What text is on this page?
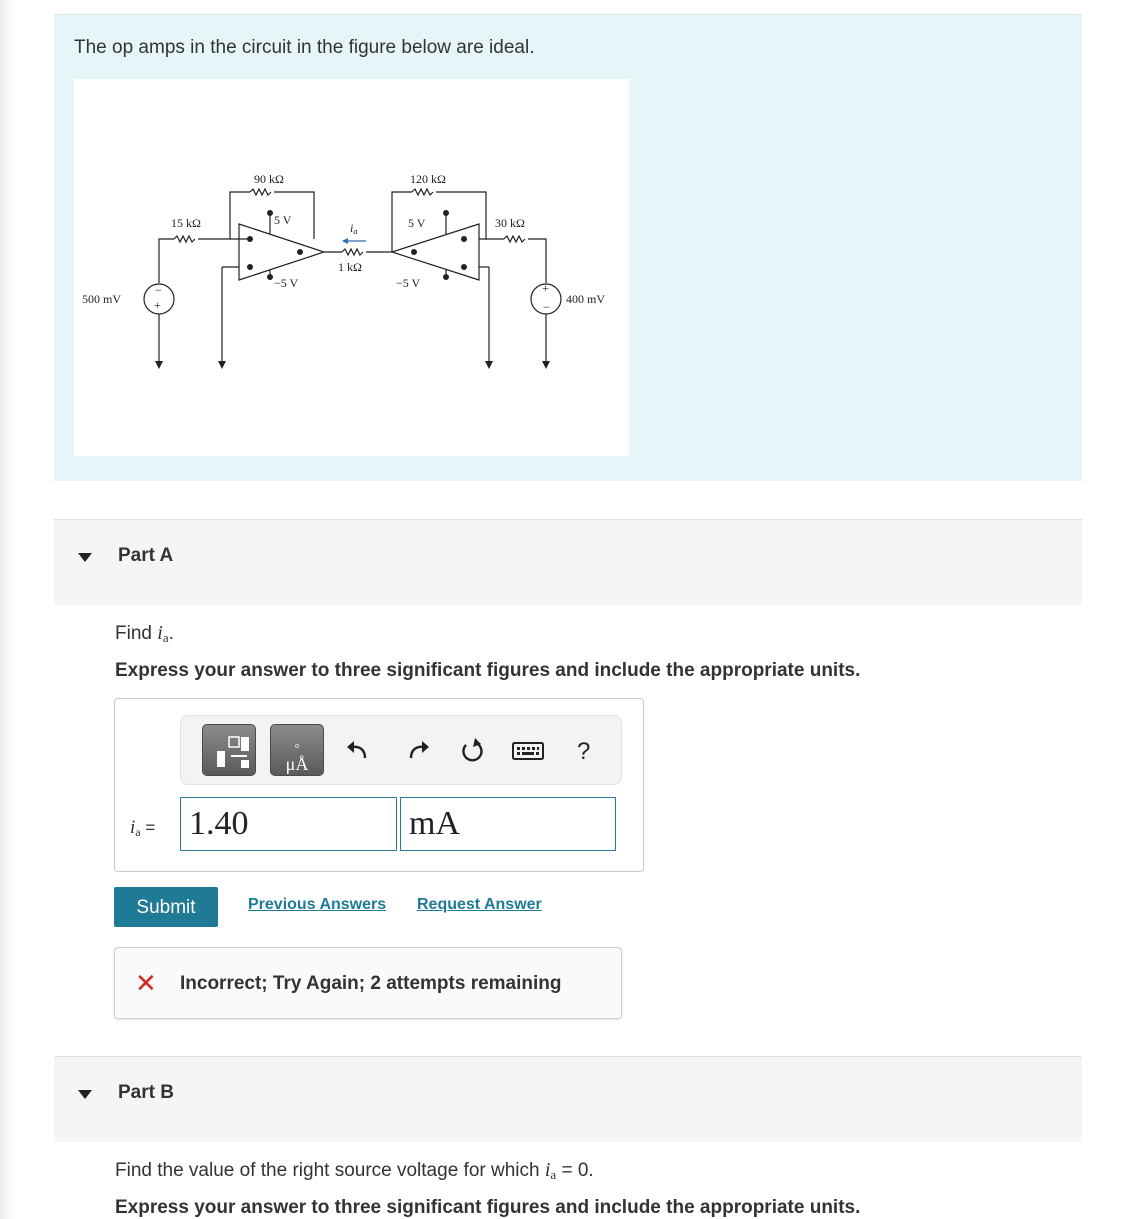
The op amps in the circuit in the figure below are ideal.
90 kΩ	120 kΩ
15 kΩ	30 kΩ
1 kΩ
ia
5 V
−5 V
5 V
−5 V
500 mV	400 mV
+
−	+
−
Part A
Find $i_a$.
Express your answer to three significant figures and include the appropriate units.
°
μÅ	?
$i_a = 1.40$	mA
Submit	Previous Answers Request Answer
✕ Incorrect; Try Again; 2 attempts remaining
Part B
Find the value of the right source voltage for which $i_a = 0$.
Express your answer to three significant figures and include the appropriate units.
